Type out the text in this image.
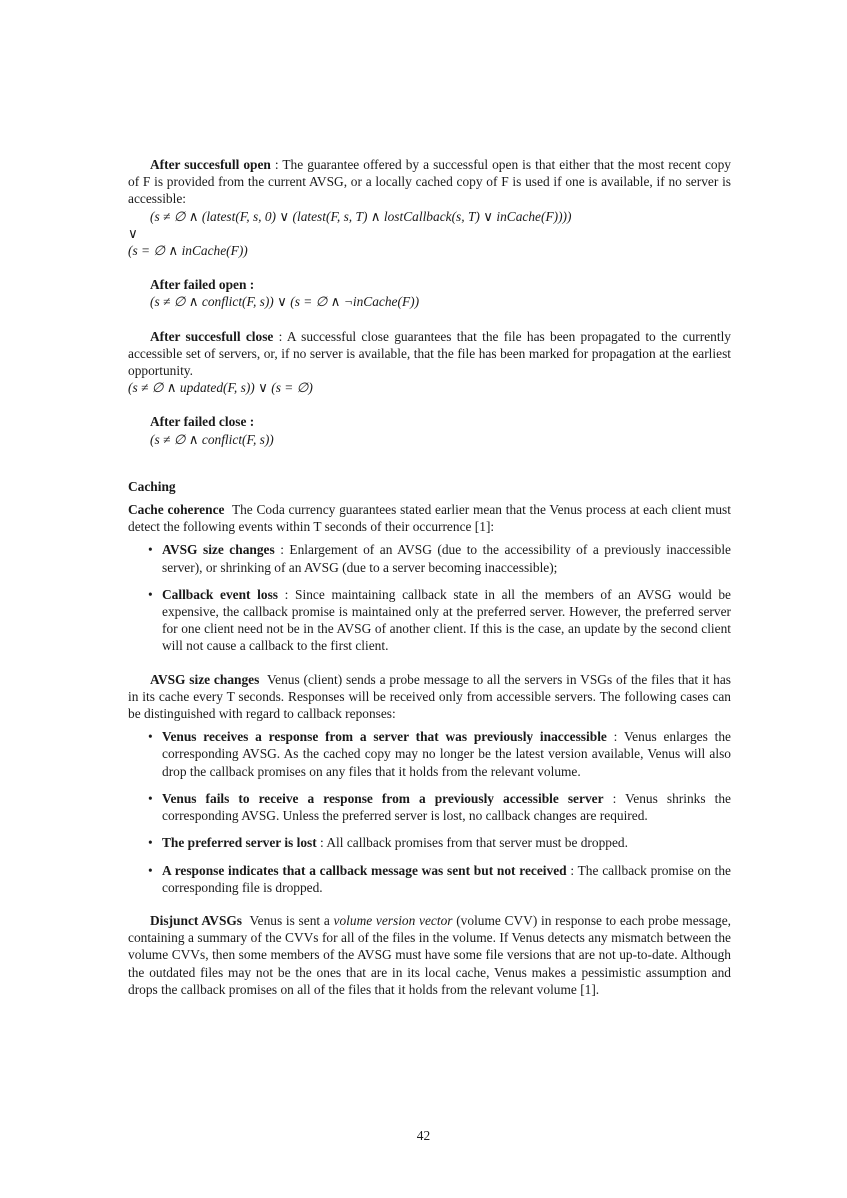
After succesfull open : The guarantee offered by a successful open is that either that the most recent copy of F is provided from the current AVSG, or a locally cached copy of F is used if one is available, if no server is accessible:

(s ≠ ∅ ∧ (latest(F, s, 0) ∨ (latest(F, s, T) ∧ lostCallback(s, T) ∨ inCache(F))))

∨

(s = ∅ ∧ inCache(F))

After failed open :

(s ≠ ∅ ∧ conflict(F, s)) ∨ (s = ∅ ∧ ¬inCache(F))

After succesfull close : A successful close guarantees that the file has been propagated to the currently accessible set of servers, or, if no server is available, that the file has been marked for propagation at the earliest opportunity.

(s ≠ ∅ ∧ updated(F, s)) ∨ (s = ∅)

After failed close :

(s ≠ ∅ ∧ conflict(F, s))

Caching

Cache coherence The Coda currency guarantees stated earlier mean that the Venus process at each client must detect the following events within T seconds of their occurrence [1]:

• AVSG size changes : Enlargement of an AVSG (due to the accessibility of a previously inaccessible server), or shrinking of an AVSG (due to a server becoming inaccessible);
• Callback event loss : Since maintaining callback state in all the members of an AVSG would be expensive, the callback promise is maintained only at the preferred server. However, the preferred server for one client need not be in the AVSG of another client. If this is the case, an update by the second client will not cause a callback to the first client.

AVSG size changes Venus (client) sends a probe message to all the servers in VSGs of the files that it has in its cache every T seconds. Responses will be received only from accessible servers. The following cases can be distinguished with regard to callback reponses:

• Venus receives a response from a server that was previously inaccessible : Venus enlarges the corresponding AVSG. As the cached copy may no longer be the latest version available, Venus will also drop the callback promises on any files that it holds from the relevant volume.
• Venus fails to receive a response from a previously accessible server : Venus shrinks the corresponding AVSG. Unless the preferred server is lost, no callback changes are required.
• The preferred server is lost : All callback promises from that server must be dropped.
• A response indicates that a callback message was sent but not received : The callback promise on the corresponding file is dropped.

Disjunct AVSGs Venus is sent a volume version vector (volume CVV) in response to each probe message, containing a summary of the CVVs for all of the files in the volume. If Venus detects any mismatch between the volume CVVs, then some members of the AVSG must have some file versions that are not up-to-date. Although the outdated files may not be the ones that are in its local cache, Venus makes a pessimistic assumption and drops the callback promises on all of the files that it holds from the relevant volume [1].

42
